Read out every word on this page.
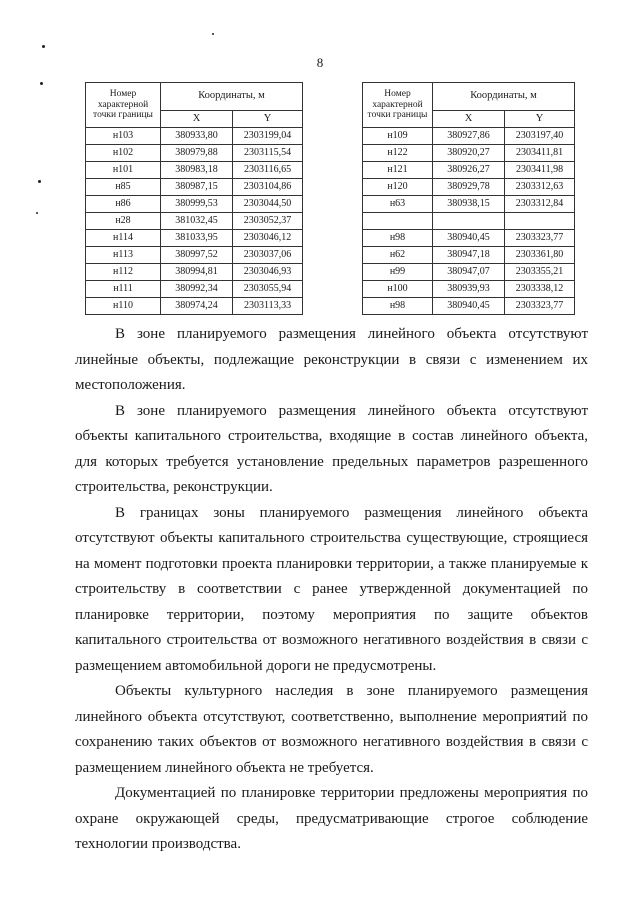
8
Номер характерной точки границы	Координаты, м	
	X	Y
н103	380933,80	2303199,04
н102	380979,88	2303115,54
н101	380983,18	2303116,65
н85	380987,15	2303104,86
н86	380999,53	2303044,50
н28	381032,45	2303052,37
н114	381033,95	2303046,12
н113	380997,52	2303037,06
н112	380994,81	2303046,93
н111	380992,34	2303055,94
н110	380974,24	2303113,33
Номер характерной точки границы	Координаты, м	
	X	Y
н109	380927,86	2303197,40
н122	380920,27	2303411,81
н121	380926,27	2303411,98
н120	380929,78	2303312,63
н63	380938,15	2303312,84

н98	380940,45	2303323,77
н62	380947,18	2303361,80
н99	380947,07	2303355,21
н100	380939,93	2303338,12
н98	380940,45	2303323,77

В зоне планируемого размещения линейного объекта отсутствуют линейные объекты, подлежащие реконструкции в связи с изменением их местоположения.

В зоне планируемого размещения линейного объекта отсутствуют объекты капитального строительства, входящие в состав линейного объекта, для которых требуется установление предельных параметров разрешенного строительства, реконструкции.

В границах зоны планируемого размещения линейного объекта отсутствуют объекты капитального строительства существующие, строящиеся на момент подготовки проекта планировки территории, а также планируемые к строительству в соответствии с ранее утвержденной документацией по планировке территории, поэтому мероприятия по защите объектов капитального строительства от возможного негативного воздействия в связи с размещением автомобильной дороги не предусмотрены.

Объекты культурного наследия в зоне планируемого размещения линейного объекта отсутствуют, соответственно, выполнение мероприятий по сохранению таких объектов от возможного негативного воздействия в связи с размещением линейного объекта не требуется.

Документацией по планировке территории предложены мероприятия по охране окружающей среды, предусматривающие строгое соблюдение технологии производства.
